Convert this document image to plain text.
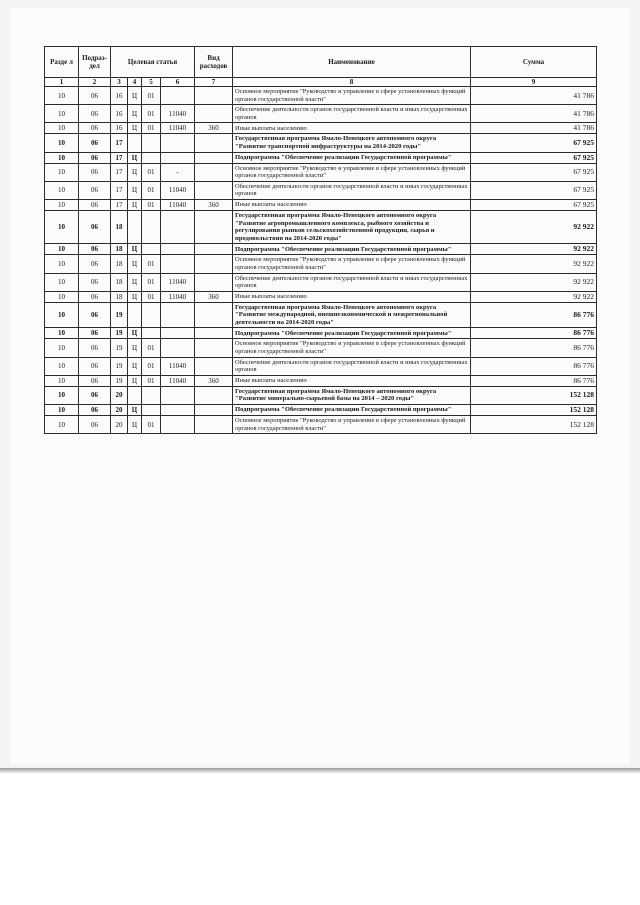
Разде л	Подраз- дел	Целевая статья				Вид расходов	Наименование	Сумма
1	2	3	4	5	6	7	8	9
10	06	16	Ц	01			Основное мероприятие "Руководство и управление в сфере установленных функций органов государственной власти"	41 786
10	06	16	Ц	01	11040		Обеспечение деятельности органов государственной власти и иных государственных органов	41 786
10	06	16	Ц	01	11040	360	Иные выплаты населению	41 786
10	06	17					Государственная программа Ямало-Ненецкого автономного округа "Развитие транспортной инфраструктуры на 2014-2020 годы"	67 925
10	06	17	Ц				Подпрограмма "Обеспечение реализации Государственной программы"	67 925
10	06	17	Ц	01	-		Основное мероприятие "Руководство и управление в сфере установленных функций органов государственной власти"	67 925
10	06	17	Ц	01	11040		Обеспечение деятельности органов государственной власти и иных государственных органов	67 925
10	06	17	Ц	01	11040	360	Иные выплаты населению	67 925
10	06	18					Государственная программа Ямало-Ненецкого автономного округа "Развитие агропромышленного комплекса, рыбного хозяйства и регулирования рынков сельскохозяйственной продукции, сырья и продовольствия на 2014-2020 годы"	92 922
10	06	18	Ц				Подпрограмма "Обеспечение реализации Государственной программы"	92 922
10	06	18	Ц	01			Основное мероприятие "Руководство и управление в сфере установленных функций органов государственной власти"	92 922
10	06	18	Ц	01	11040		Обеспечение деятельности органов государственной власти и иных государственных органов	92 922
10	06	18	Ц	01	11040	360	Иные выплаты населению	92 922
10	06	19					Государственная программа Ямало-Ненецкого автономного округа "Развитие международной, внешнеэкономической и межрегиональной деятельности на 2014-2020 годы"	86 776
10	06	19	Ц				Подпрограмма "Обеспечение реализации Государственной программы"	86 776
10	06	19	Ц	01			Основное мероприятие "Руководство и управление в сфере установленных функций органов государственной власти"	86 776
10	06	19	Ц	01	11040		Обеспечение деятельности органов государственной власти и иных государственных органов	86 776
10	06	19	Ц	01	11040	360	Иные выплаты населению	86 776
10	06	20					Государственная программа Ямало-Ненецкого автономного округа "Развитие минерально-сырьевой базы на 2014 – 2020 годы"	152 128
10	06	20	Ц				Подпрограмма "Обеспечение реализации Государственной программы"	152 128
10	06	20	Ц	01			Основное мероприятие "Руководство и управление в сфере установленных функций органов государственной власти"	152 128
